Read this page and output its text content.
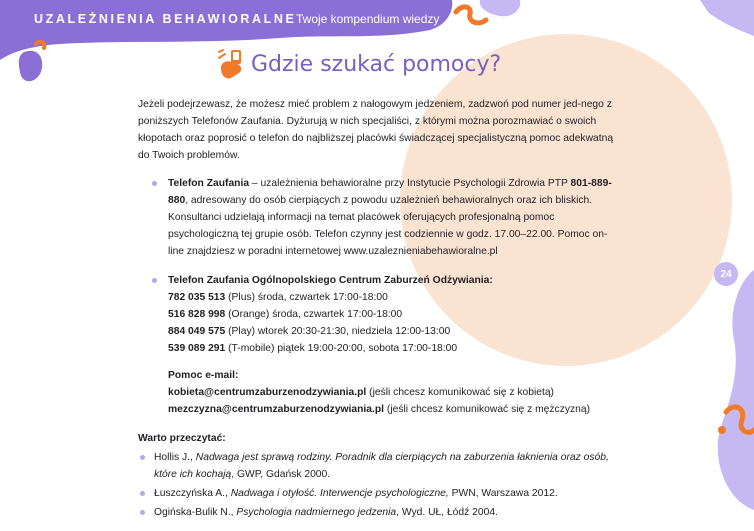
UZALEŻNIENIA BEHAWIORALNE Twoje kompendium wiedzy
Gdzie szukać pomocy?

Jeżeli podejrzewasz, że możesz mieć problem z nałogowym jedzeniem, zadzwoń pod numer jed-nego z poniższych Telefonów Zaufania. Dyżurują w nich specjaliści, z którymi można porozmawiać o swoich kłopotach oraz poprosić o telefon do najbliższej placówki świadczącej specjalistyczną pomoc adekwatną do Twoich problemów.

Telefon Zaufania – uzależnienia behawioralne przy Instytucie Psychologii Zdrowia PTP 801-889-880, adresowany do osób cierpiących z powodu uzależnień behawioralnych oraz ich bliskich. Konsultanci udzielają informacji na temat placówek oferujących profesjonalną pomoc psychologiczną tej grupie osób. Telefon czynny jest codziennie w godz. 17.00–22.00. Pomoc on-line znajdziesz w poradni internetowej www.uzaleznieniabehawioralne.pl
Telefon Zaufania Ogólnopolskiego Centrum Zaburzeń Odżywiania:
782 035 513 (Plus) środa, czwartek 17:00-18:00
516 828 998 (Orange) środa, czwartek 17:00-18:00
884 049 575 (Play) wtorek 20:30-21:30, niedziela 12:00-13:00
539 089 291 (T-mobile) piątek 19:00-20:00, sobota 17:00-18:00
Pomoc e-mail:
kobieta@centrumzaburzenodzywiania.pl (jeśli chcesz komunikować się z kobietą)
mezczyzna@centrumzaburzenodzywiania.pl (jeśli chcesz komunikować się z mężczyzną)
Warto przeczytać:
Hollis J., Nadwaga jest sprawą rodziny. Poradnik dla cierpiących na zaburzenia łaknienia oraz osób, które ich kochają, GWP, Gdańsk 2000.
Łuszczyńska A., Nadwaga i otyłość. Interwencje psychologiczne, PWN, Warszawa 2012.
Ogińska-Bulik N., Psychologia nadmiernego jedzenia, Wyd. UŁ, Łódź 2004.
24
